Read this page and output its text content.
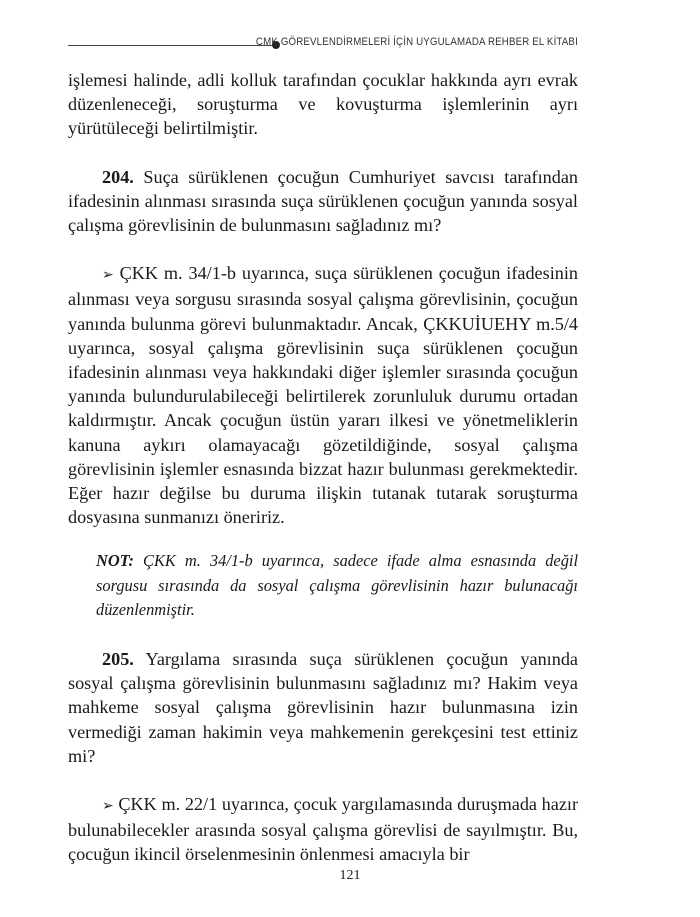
CMK GÖREVLENDİRMELERİ İÇİN UYGULAMADA REHBER EL KİTABI

işlemesi halinde, adli kolluk tarafından çocuklar hakkında ayrı evrak düzenleneceği, soruşturma ve kovuşturma işlemlerinin ayrı yürütüleceği belirtilmiştir.

204. Suça sürüklenen çocuğun Cumhuriyet savcısı tarafından ifadesinin alınması sırasında suça sürüklenen çocuğun yanında sosyal çalışma görevlisinin de bulunmasını sağladınız mı?

➢ ÇKK m. 34/1-b uyarınca, suça sürüklenen çocuğun ifadesinin alınması veya sorgusu sırasında sosyal çalışma görevlisinin, çocuğun yanında bulunma görevi bulunmaktadır. Ancak, ÇKKUİUEHY m.5/4 uyarınca, sosyal çalışma görevlisinin suça sürüklenen çocuğun ifadesinin alınması veya hakkındaki diğer işlemler sırasında çocuğun yanında bulundurulabileceği belirtilerek zorunluluk durumu ortadan kaldırmıştır. Ancak çocuğun üstün yararı ilkesi ve yönetmeliklerin kanuna aykırı olamayacağı gözetildiğinde, sosyal çalışma görevlisinin işlemler esnasında bizzat hazır bulunması gerekmektedir. Eğer hazır değilse bu duruma ilişkin tutanak tutarak soruşturma dosyasına sunmanızı öneririz.

NOT: ÇKK m. 34/1-b uyarınca, sadece ifade alma esnasında değil sorgusu sırasında da sosyal çalışma görevlisinin hazır bulunacağı düzenlenmiştir.

205. Yargılama sırasında suça sürüklenen çocuğun yanında sosyal çalışma görevlisinin bulunmasını sağladınız mı? Hakim veya mahkeme sosyal çalışma görevlisinin hazır bulunmasına izin vermediği zaman hakimin veya mahkemenin gerekçesini test ettiniz mi?

➢ ÇKK m. 22/1 uyarınca, çocuk yargılamasında duruşmada hazır bulunabilecekler arasında sosyal çalışma görevlisi de sayılmıştır. Bu, çocuğun ikincil örselenmesinin önlenmesi amacıyla bir

121
